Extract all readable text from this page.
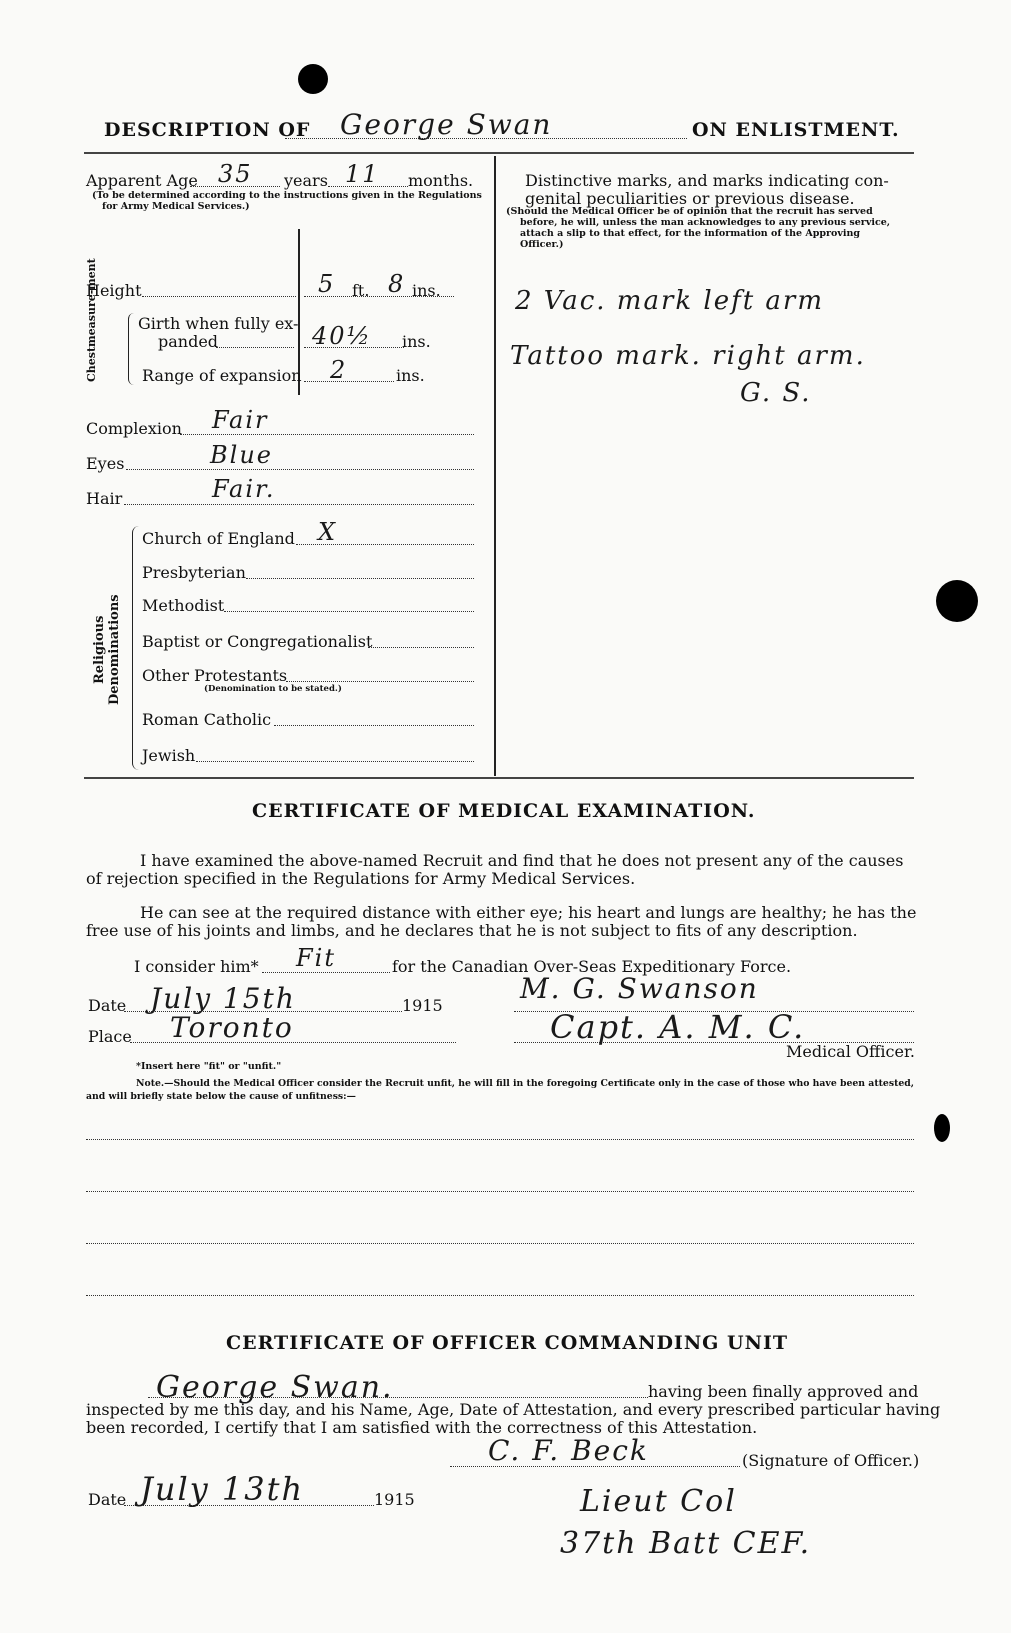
DESCRIPTION OF George Swan	ON ENLISTMENT.
Apparent Age 35 years 11 months.
(To be determined according to the instructions given in the Regulations
for Army Medical Services.)
Height	5 ft. 8 ins.
Chest
measure-
ment
Girth when fully ex-
panded	40½ ins.
Range of expansion 2	ins.
Complexion Fair
Eyes	Blue
Hair	Fair.
Religious
Denominations
Church of England X
Presbyterian
Methodist
Baptist or Congregationalist
Other Protestants
(Denomination to be stated.)
Roman Catholic
Jewish
Distinctive marks, and marks indicating con-
genital peculiarities or previous disease.
(Should the Medical Officer be of opinion that the recruit has served
before, he will, unless the man acknowledges to any previous service,
attach a slip to that effect, for the information of the Approving
Officer.)
2 Vac. mark left arm
Tattoo mark. right arm.
G. S.
CERTIFICATE OF MEDICAL EXAMINATION.
I have examined the above-named Recruit and find that he does not present any of the causes
of rejection specified in the Regulations for Army Medical Services.
He can see at the required distance with either eye; his heart and lungs are healthy; he has the
free use of his joints and limbs, and he declares that he is not subject to fits of any description.
I consider him* Fit	for the Canadian Over-Seas Expeditionary Force.
Date July 15th	1915
Place Toronto
M. G. Swanson
Capt. A. M. C.
Medical Officer.
*Insert here "fit" or "unfit."
Note.—Should the Medical Officer consider the Recruit unfit, he will fill in the foregoing Certificate only in the case of those who have been attested,
and will briefly state below the cause of unfitness:—
CERTIFICATE OF OFFICER COMMANDING UNIT
George Swan.	having been finally approved and
inspected by me this day, and his Name, Age, Date of Attestation, and every prescribed particular having
been recorded, I certify that I am satisfied with the correctness of this Attestation.
C. F. Beck	(Signature of Officer.)
Date July 13th	1915	Lieut Col
37th Batt CEF.
